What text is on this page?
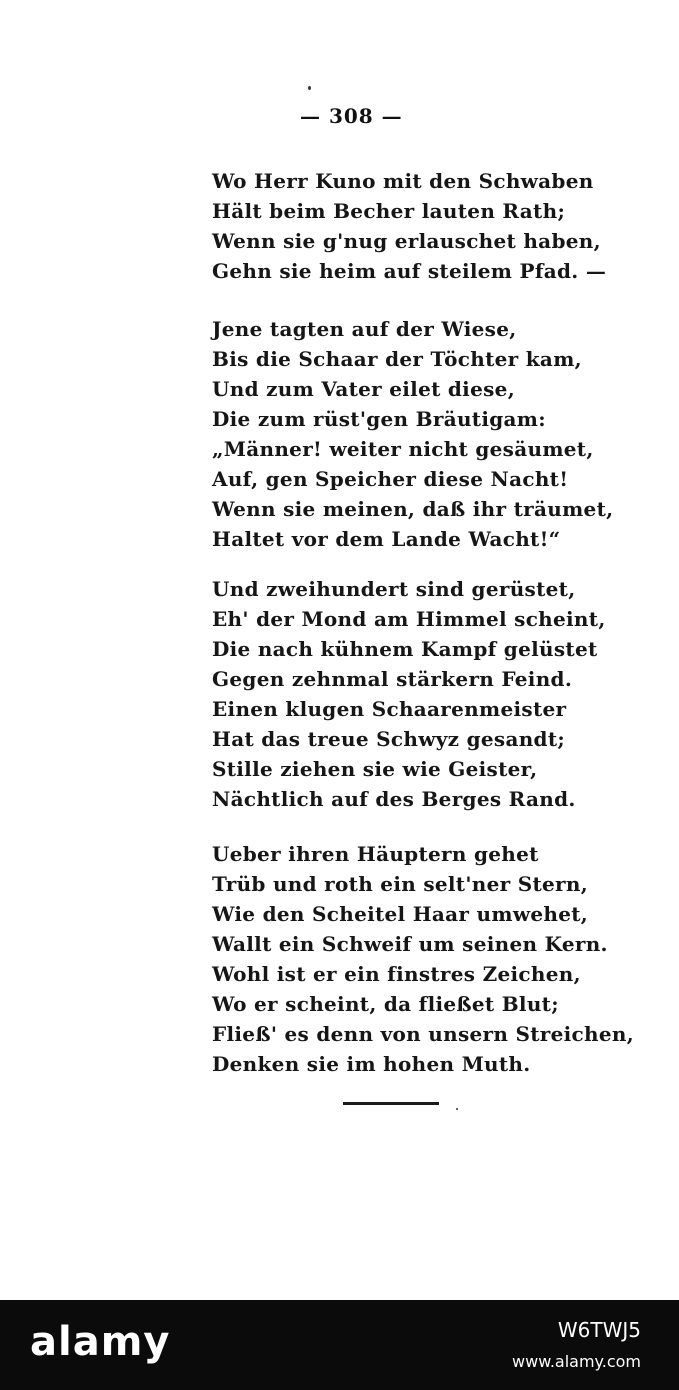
— 308 —
Wo Herr Kuno mit den Schwaben
Hält beim Becher lauten Rath;
Wenn sie g'nug erlauschet haben,
Gehn sie heim auf steilem Pfad. —
Jene tagten auf der Wiese,
Bis die Schaar der Töchter kam,
Und zum Vater eilet diese,
Die zum rüst'gen Bräutigam:
„Männer! weiter nicht gesäumet,
Auf, gen Speicher diese Nacht!
Wenn sie meinen, daß ihr träumet,
Haltet vor dem Lande Wacht!“
Und zweihundert sind gerüstet,
Eh' der Mond am Himmel scheint,
Die nach kühnem Kampf gelüstet
Gegen zehnmal stärkern Feind.
Einen klugen Schaarenmeister
Hat das treue Schwyz gesandt;
Stille ziehen sie wie Geister,
Nächtlich auf des Berges Rand.
Ueber ihren Häuptern gehet
Trüb und roth ein selt'ner Stern,
Wie den Scheitel Haar umwehet,
Wallt ein Schweif um seinen Kern.
Wohl ist er ein finstres Zeichen,
Wo er scheint, da fließet Blut;
Fließ' es denn von unsern Streichen,
Denken sie im hohen Muth.
alamy	W6TWJ5
www.alamy.com
